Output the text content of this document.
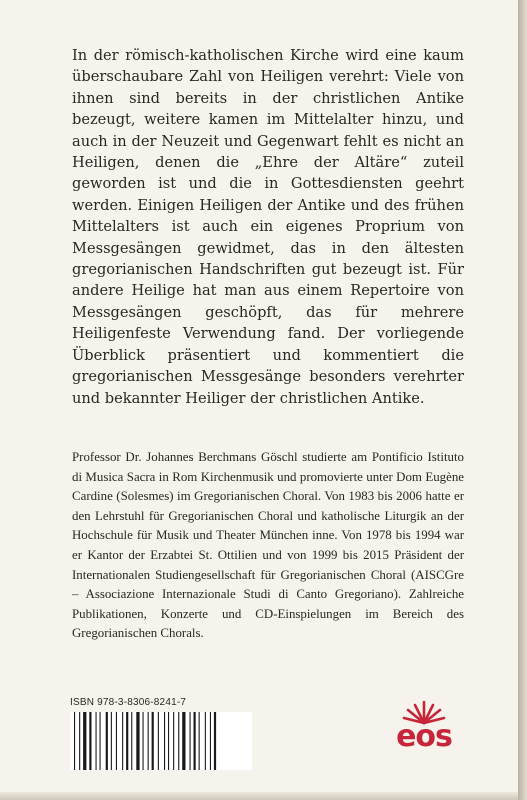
In der römisch-katholischen Kirche wird eine kaum überschaubare Zahl von Heiligen verehrt: Viele von ihnen sind bereits in der christlichen Antike bezeugt, weitere kamen im Mittelalter hinzu, und auch in der Neuzeit und Gegenwart fehlt es nicht an Heiligen, denen die „Ehre der Altäre“ zuteil geworden ist und die in Gottesdiensten geehrt werden. Einigen Heiligen der Antike und des frühen Mittelalters ist auch ein eigenes Proprium von Messgesängen gewidmet, das in den ältesten gregorianischen Handschriften gut bezeugt ist. Für andere Heilige hat man aus einem Repertoire von Messgesängen geschöpft, das für mehrere Heiligenfeste Verwendung fand. Der vorliegende Überblick präsentiert und kommentiert die gregorianischen Messgesänge besonders verehrter und bekannter Heiliger der christlichen Antike.

Professor Dr. Johannes Berchmans Göschl studierte am Pontificio Istituto di Musica Sacra in Rom Kirchenmusik und promovierte unter Dom Eugène Cardine (Solesmes) im Gregorianischen Choral. Von 1983 bis 2006 hatte er den Lehrstuhl für Gregorianischen Choral und katholische Liturgik an der Hochschule für Musik und Theater München inne. Von 1978 bis 1994 war er Kantor der Erzabtei St. Ottilien und von 1999 bis 2015 Präsident der Internationalen Studiengesellschaft für Gregorianischen Choral (AISCGre – Associazione Internazionale Studi di Canto Gregoriano). Zahlreiche Publikationen, Konzerte und CD-Einspielungen im Bereich des Gregorianischen Chorals.

ISBN 978-3-8306-8241-7
eos
